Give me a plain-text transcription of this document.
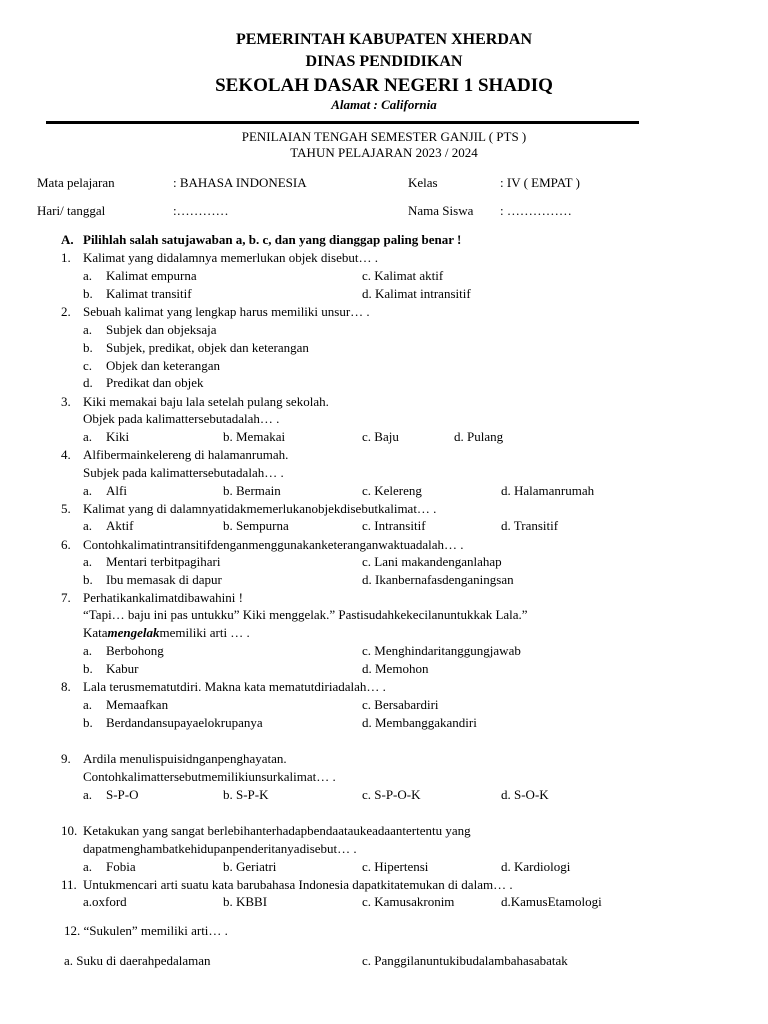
PEMERINTAH KABUPATEN XHERDAN
DINAS PENDIDIKAN
SEKOLAH DASAR NEGERI 1 SHADIQ
Alamat : California
PENILAIAN TENGAH SEMESTER GANJIL ( PTS )
TAHUN PELAJARAN 2023 / 2024
Mata pelajaran	: BAHASA INDONESIA	Kelas	: IV ( EMPAT )
Hari/ tanggal	:…………	Nama Siswa : ……………
A. Pilihlah salah satujawaban a, b. c, dan yang dianggap paling benar !
1. Kalimat yang didalamnya memerlukan objek disebut… .
a. Kalimat empurna	c. Kalimat aktif
b. Kalimat transitif	d. Kalimat intransitif
2. Sebuah kalimat yang lengkap harus memiliki unsur… .
a. Subjek dan objeksaja
b. Subjek, predikat, objek dan keterangan
c. Objek dan keterangan
d. Predikat dan objek
3. Kiki memakai baju lala setelah pulang sekolah.
Objek pada kalimattersebutadalah… .
a. Kiki	b. Memakai	c. Baju	d. Pulang
4. Alfibermainkelereng di halamanrumah.
Subjek pada kalimattersebutadalah… .
a. Alfi	b. Bermain	c. Kelereng	d. Halamanrumah
5. Kalimat yang di dalamnyatidakmemerlukanobjekdisebutkalimat… .
a. Aktif	b. Sempurna	c. Intransitif	d. Transitif
6. Contohkalimatintransitifdenganmenggunakanketeranganwaktuadalah… .
a. Mentari terbitpagihari	c. Lani makandenganlahap
b. Ibu memasak di dapur	d. Ikanbernafasdenganingsan
7. Perhatikankalimatdibawahini !
“Tapi… baju ini pas untukku” Kiki menggelak.” Pastisudahkekecilanuntukkak Lala.”
Katamengelakmemiliki arti … .
a. Berbohong	c. Menghindaritanggungjawab
b. Kabur	d. Memohon
8. Lala terusmematutdiri. Makna kata mematutdiriadalah… .
a. Memaafkan	c. Bersabardiri
b. Berdandansupayaelokrupanya	d. Membanggakandiri
9. Ardila menulispuisidnganpenghayatan.
Contohkalimattersebutmemilikiunsurkalimat… .
a. S-P-O	b. S-P-K	c. S-P-O-K	d. S-O-K
10. Ketakukan yang sangat berlebihanterhadapbendaataukeadaantertentu yang
dapatmenghambatkehidupanpenderitanyadisebut… .
a. Fobia	b. Geriatri	c. Hipertensi	d. Kardiologi
11. Untukmencari arti suatu kata barubahasa Indonesia dapatkitatemukan di dalam… .
a.oxford	b. KBBI	c. Kamusakronim	d.KamusEtamologi
12. “Sukulen” memiliki arti… .
a. Suku di daerahpedalaman	c. Panggilanuntukibudalambahasabatak
